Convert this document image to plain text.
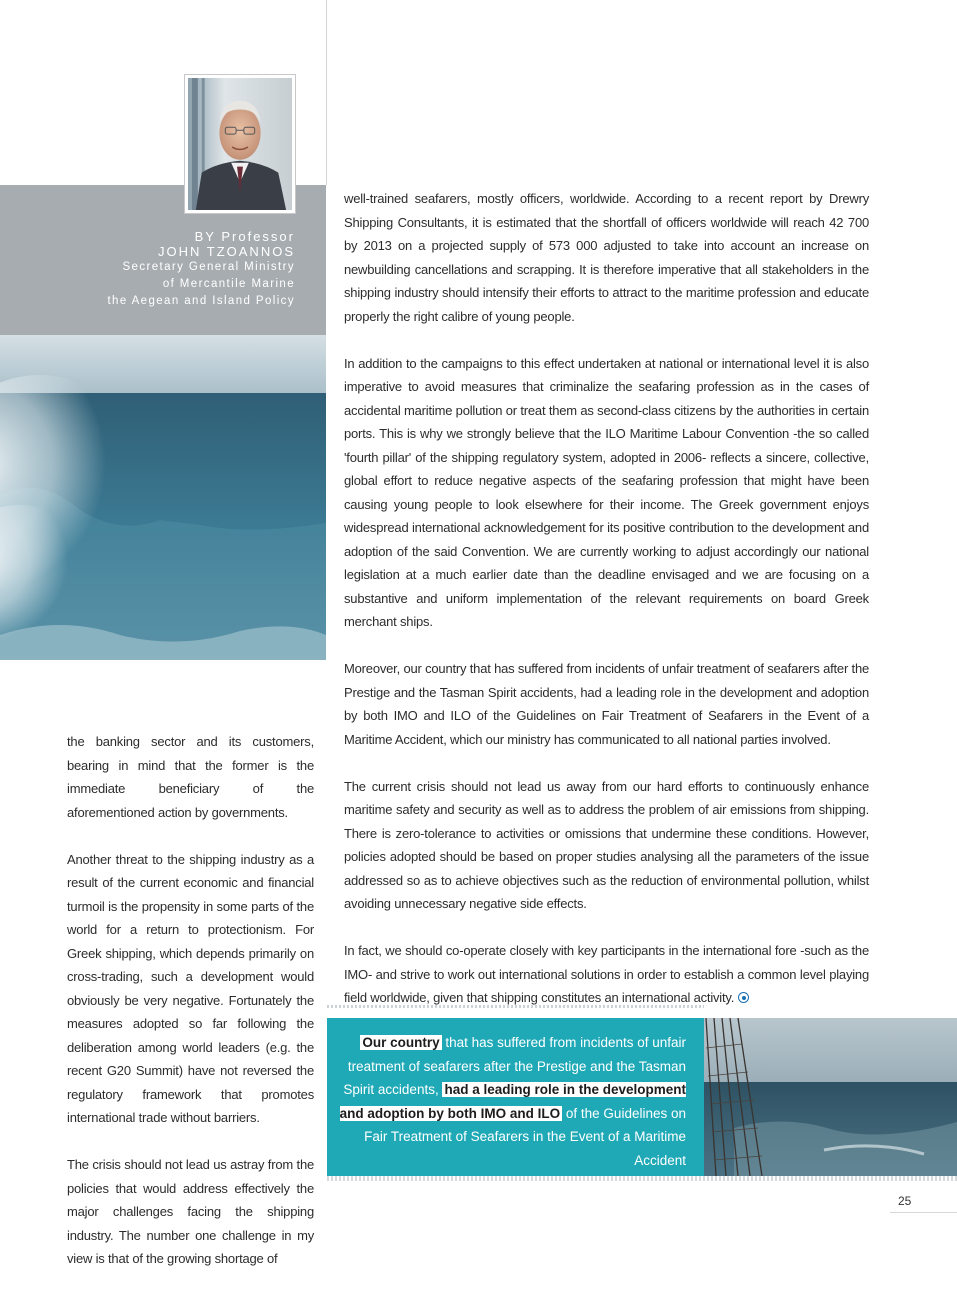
BY Professor
JOHN TZOANNOS
Secretary General Ministry
of Mercantile Marine
the Aegean and Island Policy

well-trained seafarers, mostly officers, worldwide. According to a recent report by Drewry Shipping Consultants, it is estimated that the shortfall of officers worldwide will reach 42 700 by 2013 on a projected supply of 573 000 adjusted to take into account an increase on newbuilding cancellations and scrapping. It is therefore imperative that all stakeholders in the shipping industry should intensify their efforts to attract to the maritime profession and educate properly the right calibre of young people.

In addition to the campaigns to this effect undertaken at national or international level it is also imperative to avoid measures that criminalize the seafaring profession as in the cases of accidental maritime pollution or treat them as second-class citizens by the authorities in certain ports. This is why we strongly believe that the ILO Maritime Labour Convention -the so called 'fourth pillar' of the shipping regulatory system, adopted in 2006- reflects a sincere, collective, global effort to reduce negative aspects of the seafaring profession that might have been causing young people to look elsewhere for their income. The Greek government enjoys widespread international acknowledgement for its positive contribution to the development and adoption of the said Convention. We are currently working to adjust accordingly our national legislation at a much earlier date than the deadline envisaged and we are focusing on a substantive and uniform implementation of the relevant requirements on board Greek merchant ships.

Moreover, our country that has suffered from incidents of unfair treatment of seafarers after the Prestige and the Tasman Spirit accidents, had a leading role in the development and adoption by both IMO and ILO of the Guidelines on Fair Treatment of Seafarers in the Event of a Maritime Accident, which our ministry has communicated to all national parties involved.

The current crisis should not lead us away from our hard efforts to continuously enhance maritime safety and security as well as to address the problem of air emissions from shipping. There is zero-tolerance to activities or omissions that undermine these conditions. However, policies adopted should be based on proper studies analysing all the parameters of the issue addressed so as to achieve objectives such as the reduction of environmental pollution, whilst avoiding unnecessary negative side effects.

In fact, we should co-operate closely with key participants in the international fore -such as the IMO- and strive to work out international solutions in order to establish a common level playing field worldwide, given that shipping constitutes an international activity.

the banking sector and its customers, bearing in mind that the former is the immediate beneficiary of the aforementioned action by governments.

Another threat to the shipping industry as a result of the current economic and financial turmoil is the propensity in some parts of the world for a return to protectionism. For Greek shipping, which depends primarily on cross-trading, such a development would obviously be very negative. Fortunately the measures adopted so far following the deliberation among world leaders (e.g. the recent G20 Summit) have not reversed the regulatory framework that promotes international trade without barriers.

The crisis should not lead us astray from the policies that would address effectively the major challenges facing the shipping industry. The number one challenge in my view is that of the growing shortage of

Our country that has suffered from incidents of unfair treatment of seafarers after the Prestige and the Tasman Spirit accidents, had a leading role in the development and adoption by both IMO and ILO of the Guidelines on Fair Treatment of Seafarers in the Event of a Maritime Accident
25
